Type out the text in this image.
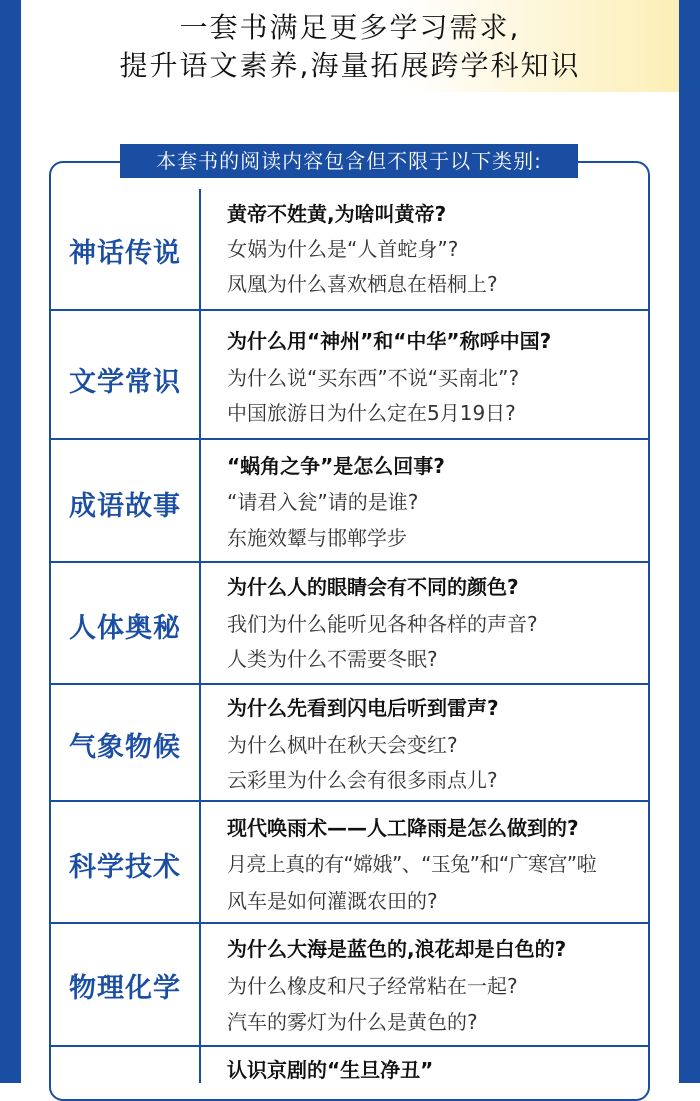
一套书满足更多学习需求,
提升语文素养,海量拓展跨学科知识
本套书的阅读内容包含但不限于以下类别:
神话传说
黄帝不姓黄,为啥叫黄帝?
女娲为什么是“人首蛇身”?
凤凰为什么喜欢栖息在梧桐上?
文学常识
为什么用“神州”和“中华”称呼中国?
为什么说“买东西”不说“买南北”?
中国旅游日为什么定在5月19日?
成语故事
“蜗角之争”是怎么回事?
“请君入瓮”请的是谁?
东施效颦与邯郸学步
人体奥秘
为什么人的眼睛会有不同的颜色?
我们为什么能听见各种各样的声音?
人类为什么不需要冬眠?
气象物候
为什么先看到闪电后听到雷声?
为什么枫叶在秋天会变红?
云彩里为什么会有很多雨点儿?
科学技术
现代唤雨术——人工降雨是怎么做到的?
月亮上真的有“嫦娥”、“玉兔”和“广寒宫”啦
风车是如何灌溉农田的?
物理化学
为什么大海是蓝色的,浪花却是白色的?
为什么橡皮和尺子经常粘在一起?
汽车的雾灯为什么是黄色的?
认识京剧的“生旦净丑”
